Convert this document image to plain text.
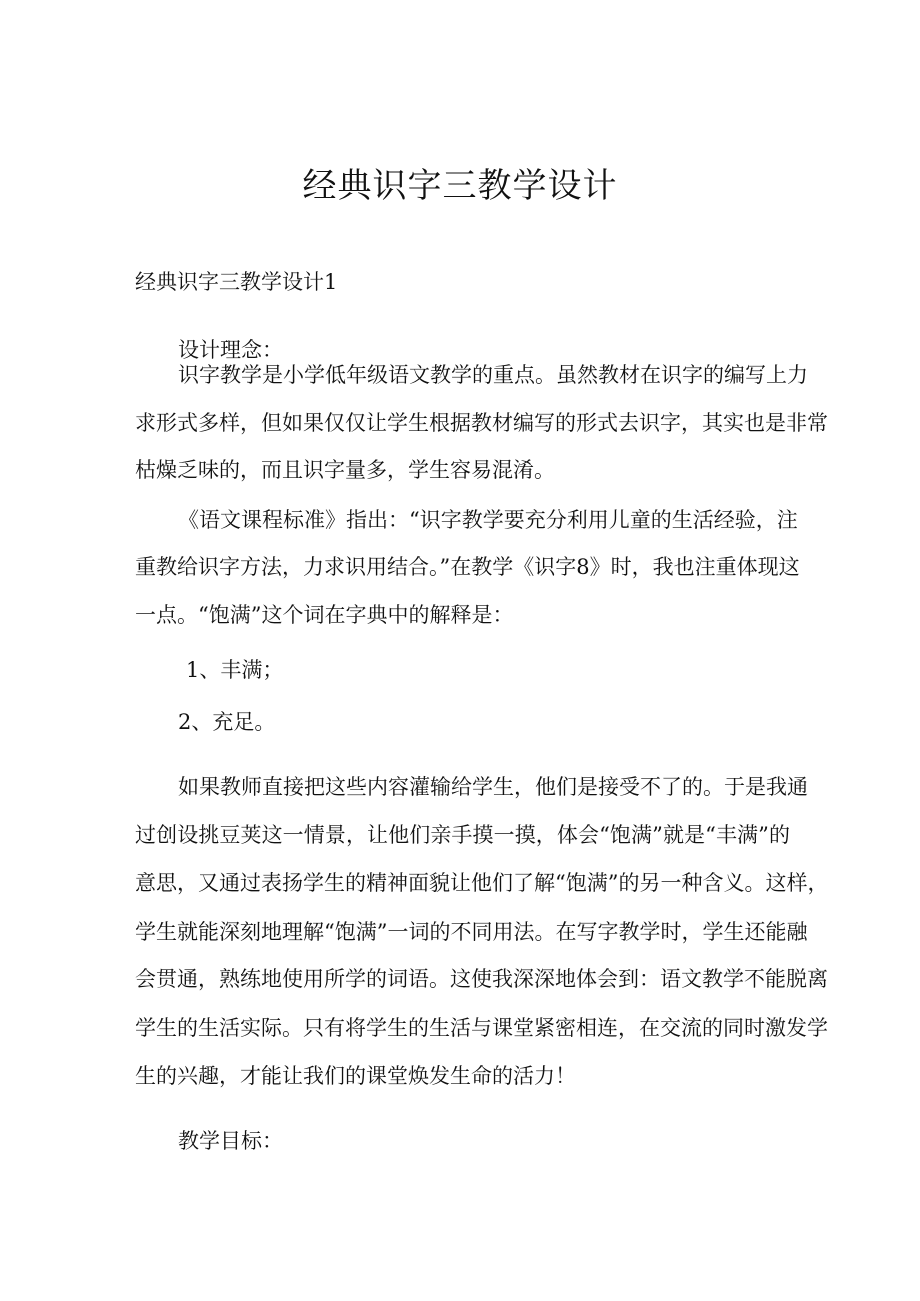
经典识字三教学设计
经典识字三教学设计1
设计理念：
识字教学是小学低年级语文教学的重点。虽然教材在识字的编写上力
求形式多样，但如果仅仅让学生根据教材编写的形式去识字，其实也是非常
枯燥乏味的，而且识字量多，学生容易混淆。
《语文课程标准》指出：“识字教学要充分利用儿童的生活经验，注
重教给识字方法，力求识用结合。”在教学《识字8》时，我也注重体现这
一点。“饱满”这个词在字典中的解释是：
1、丰满；
2、充足。
如果教师直接把这些内容灌输给学生，他们是接受不了的。于是我通
过创设挑豆荚这一情景，让他们亲手摸一摸，体会“饱满”就是“丰满”的
意思，又通过表扬学生的精神面貌让他们了解“饱满”的另一种含义。这样，
学生就能深刻地理解“饱满”一词的不同用法。在写字教学时，学生还能融
会贯通，熟练地使用所学的词语。这使我深深地体会到：语文教学不能脱离
学生的生活实际。只有将学生的生活与课堂紧密相连，在交流的同时激发学
生的兴趣，才能让我们的课堂焕发生命的活力！
教学目标：
